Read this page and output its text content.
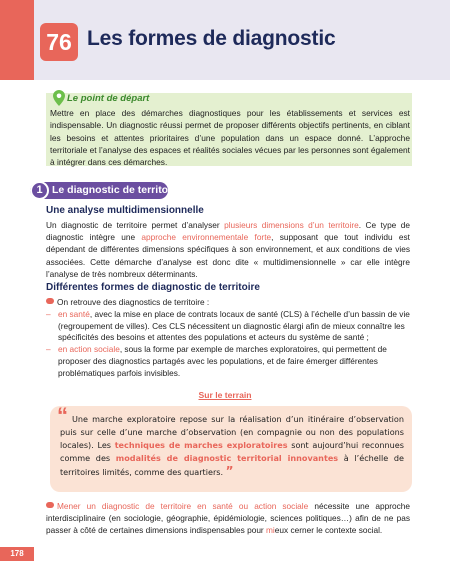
76 Les formes de diagnostic
Le point de départ
Mettre en place des démarches diagnostiques pour les établissements et services est indispensable. Un diagnostic réussi permet de proposer différents objectifs pertinents, en ciblant les besoins et attentes prioritaires d’une population dans un espace donné. L’approche territoriale et l’analyse des espaces et réalités sociales vécues par les personnes sont également à intégrer dans ces démarches.
1 Le diagnostic de territoire
Une analyse multidimensionnelle
Un diagnostic de territoire permet d’analyser plusieurs dimensions d’un territoire. Ce type de diagnostic intègre une approche environnementale forte, supposant que tout individu est dépendant de différentes dimensions spécifiques à son environnement, et aux conditions de vies associées. Cette démarche d’analyse est donc dite « multidimensionnelle » car elle intègre l’analyse de très nombreux déterminants.
Différentes formes de diagnostic de territoire
On retrouve des diagnostics de territoire :
– en santé, avec la mise en place de contrats locaux de santé (CLS) à l’échelle d’un bassin de vie (regroupement de villes). Ces CLS nécessitent un diagnostic élargi afin de mieux connaître les spécificités des besoins et attentes des populations et acteurs du système de santé ;
– en action sociale, sous la forme par exemple de marches exploratoires, qui permettent de proposer des diagnostics partagés avec les populations, et de faire émerger différentes problématiques parfois invisibles.
Sur le terrain
“ Une marche exploratoire repose sur la réalisation d’un itinéraire d’observation puis sur celle d’une marche d’observation (en compagnie ou non des populations locales). Les techniques de marches exploratoires sont aujourd’hui reconnues comme des modalités de diagnostic territorial innovantes à l’échelle de territoires limités, comme des quartiers. ”
Mener un diagnostic de territoire en santé ou action sociale nécessite une approche interdisciplinaire (en sociologie, géographie, épidémiologie, sciences politiques…) afin de ne pas passer à côté de certaines dimensions indispensables pour mieux cerner le contexte social.
178
